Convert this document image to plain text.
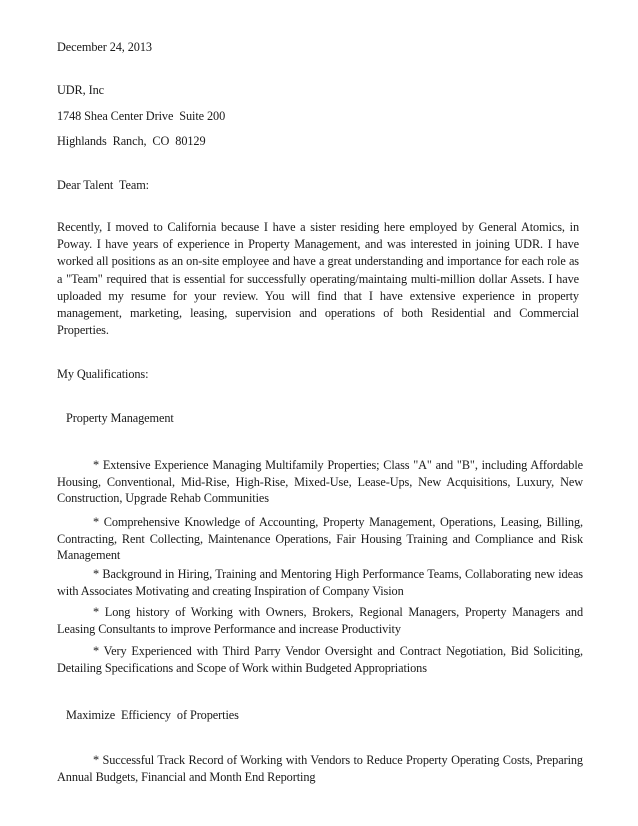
December 24, 2013
UDR, Inc
1748 Shea Center Drive  Suite 200
Highlands  Ranch,  CO  80129
Dear Talent  Team:

Recently, I moved to California because I have a sister residing here employed by General Atomics, in Poway. I have years of experience in Property Management, and was interested in joining UDR. I have worked all positions as an on-site employee and have a great understanding and importance for each role as a "Team" required that is essential for successfully operating/maintaing multi-million dollar Assets. I have uploaded my resume for your review. You will find that I have extensive experience in property management, marketing, leasing, supervision and operations of both Residential and Commercial Properties.

My Qualifications:
Property Management

* Extensive Experience Managing Multifamily Properties; Class "A" and "B", including Affordable Housing, Conventional, Mid-Rise, High-Rise, Mixed-Use, Lease-Ups, New Acquisitions, Luxury, New Construction, Upgrade Rehab Communities

* Comprehensive Knowledge of Accounting, Property Management, Operations, Leasing, Billing, Contracting, Rent Collecting, Maintenance Operations, Fair Housing Training and Compliance and Risk Management

* Background in Hiring, Training and Mentoring High Performance Teams, Collaborating new ideas with Associates Motivating and creating Inspiration of Company Vision

* Long history of Working with Owners, Brokers, Regional Managers, Property Managers and Leasing Consultants to improve Performance and increase Productivity

* Very Experienced with Third Parry Vendor Oversight and Contract Negotiation, Bid Soliciting, Detailing Specifications and Scope of Work within Budgeted Appropriations

Maximize  Efficiency  of Properties

* Successful Track Record of Working with Vendors to Reduce Property Operating Costs, Preparing Annual Budgets, Financial and Month End Reporting
